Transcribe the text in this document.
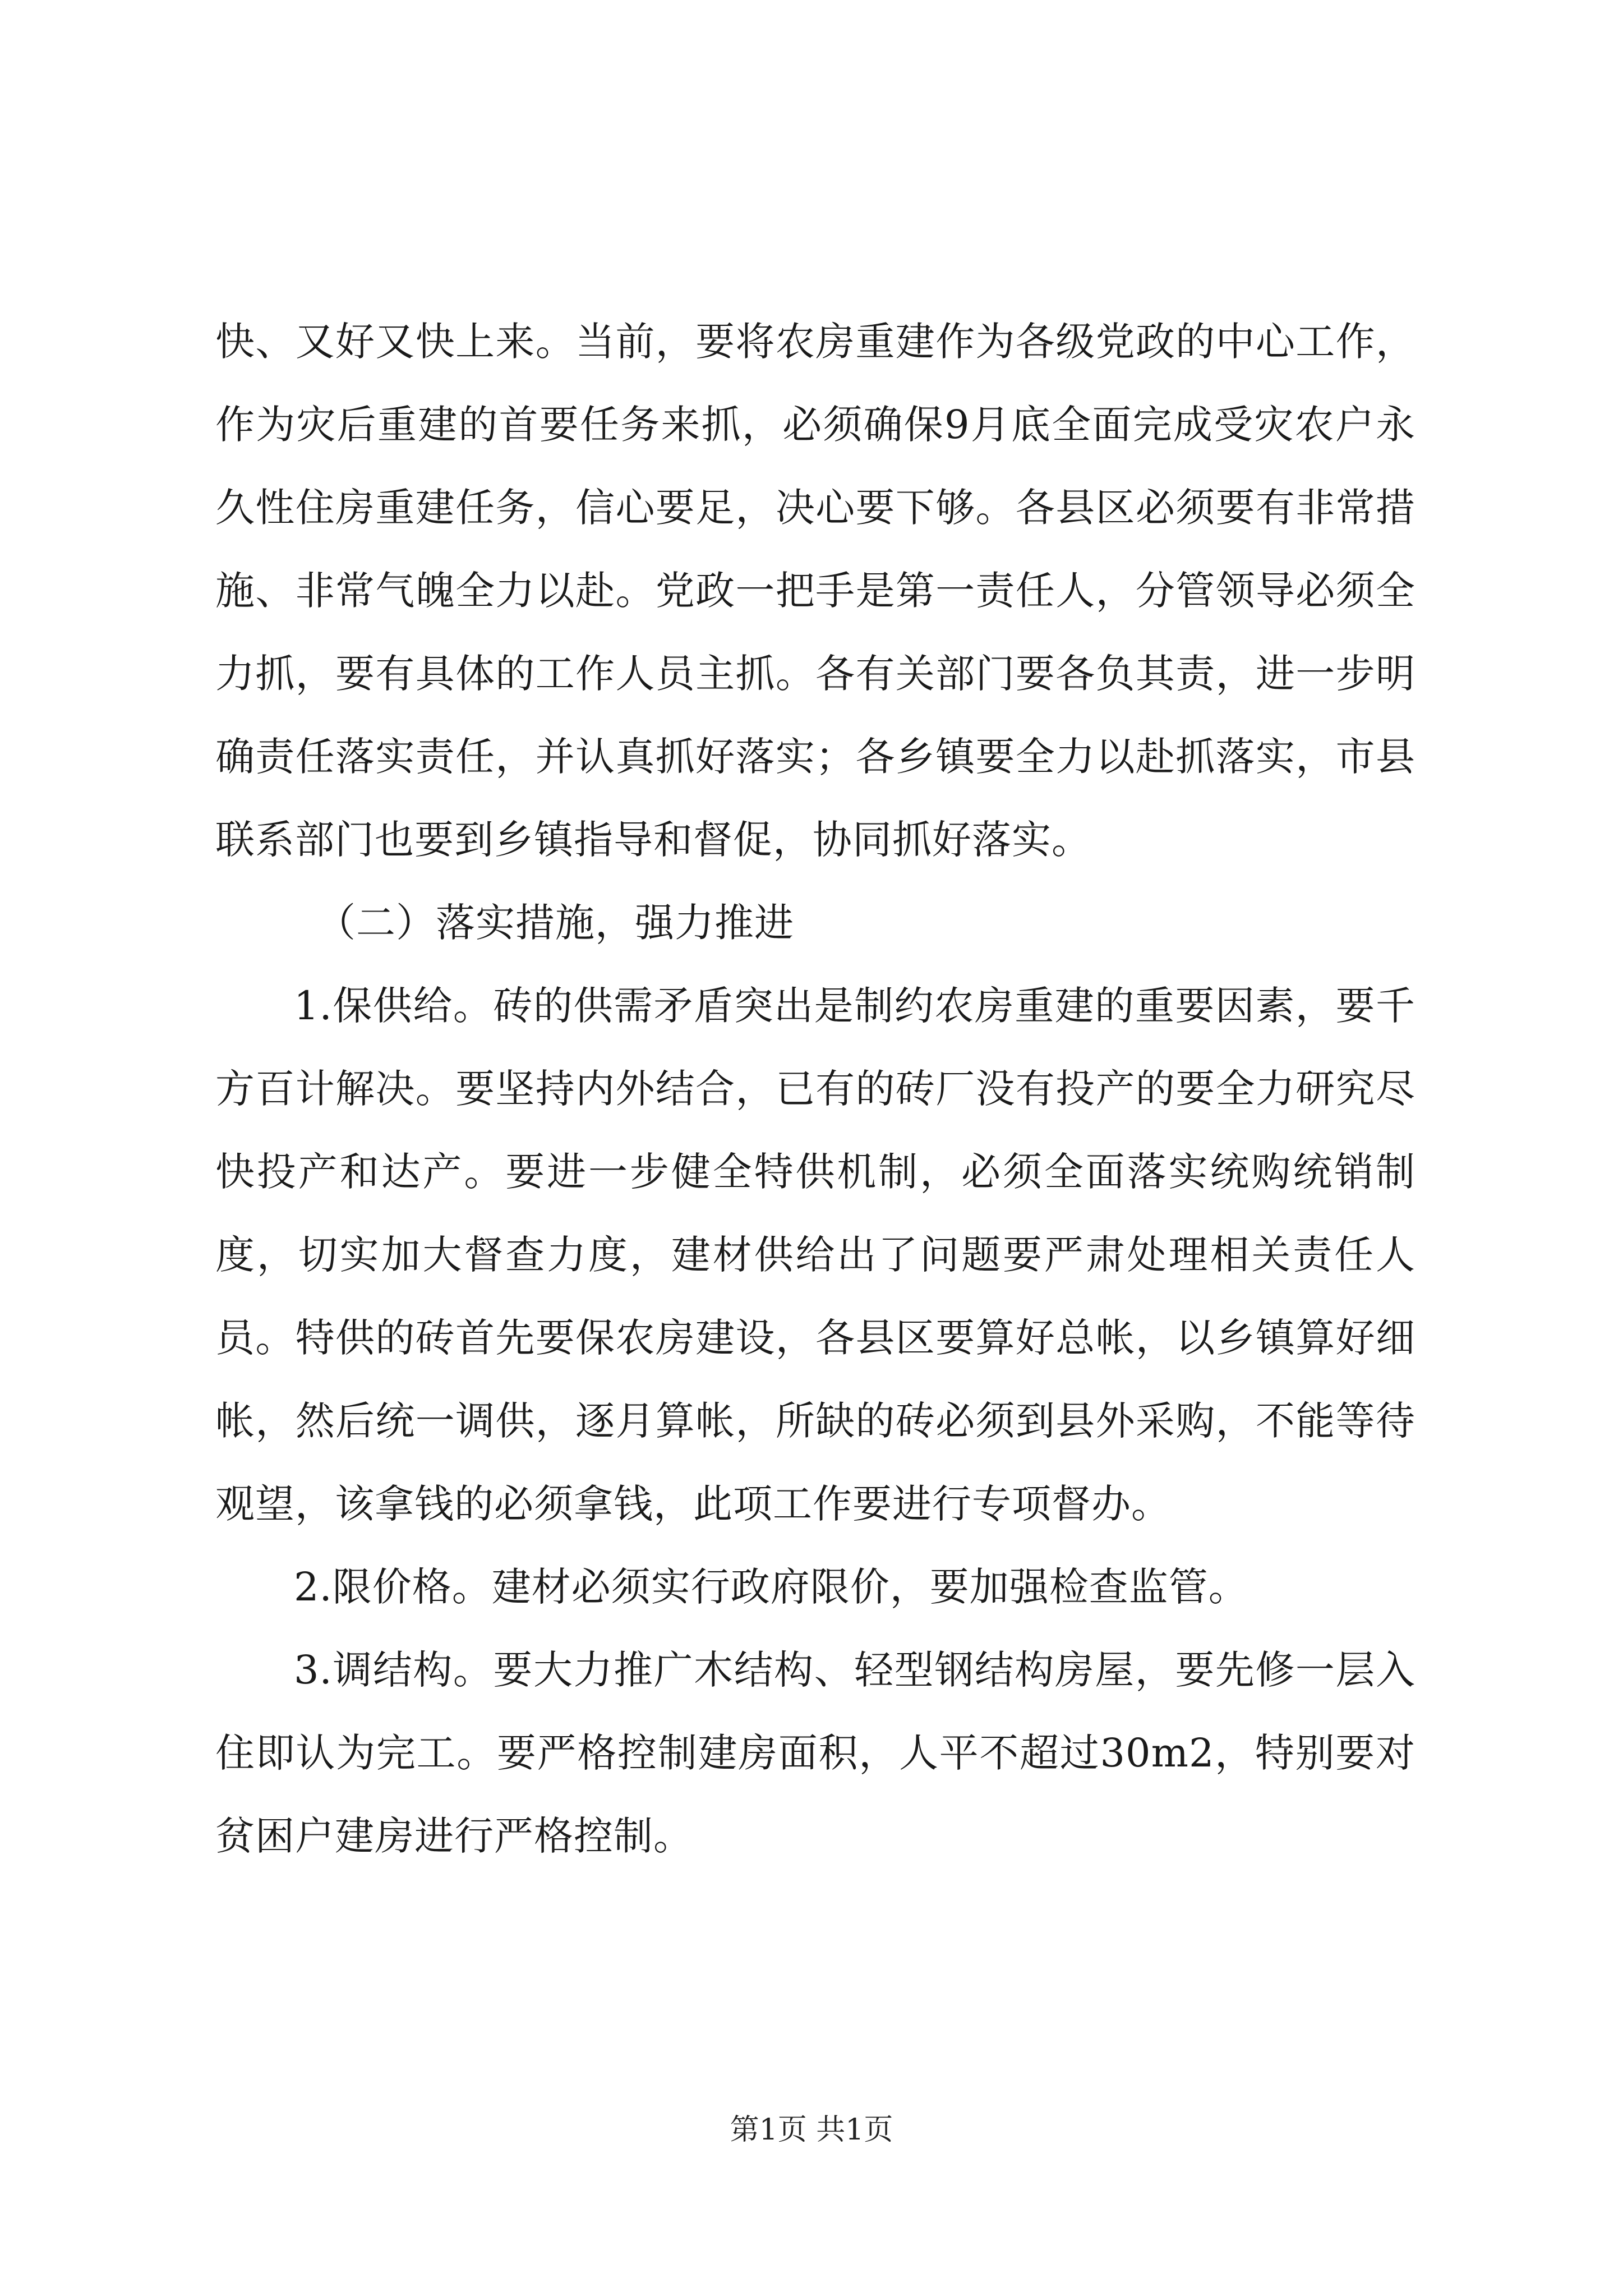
快、又好又快上来。当前，要将农房重建作为各级党政的中心工作，作为灾后重建的首要任务来抓，必须确保9月底全面完成受灾农户永久性住房重建任务，信心要足，决心要下够。各县区必须要有非常措施、非常气魄全力以赴。党政一把手是第一责任人，分管领导必须全力抓，要有具体的工作人员主抓。各有关部门要各负其责，进一步明确责任落实责任，并认真抓好落实；各乡镇要全力以赴抓落实，市县联系部门也要到乡镇指导和督促，协同抓好落实。

（二）落实措施，强力推进

1.保供给。砖的供需矛盾突出是制约农房重建的重要因素，要千方百计解决。要坚持内外结合，已有的砖厂没有投产的要全力研究尽快投产和达产。要进一步健全特供机制，必须全面落实统购统销制度，切实加大督查力度，建材供给出了问题要严肃处理相关责任人员。特供的砖首先要保农房建设，各县区要算好总帐，以乡镇算好细帐，然后统一调供，逐月算帐，所缺的砖必须到县外采购，不能等待观望，该拿钱的必须拿钱，此项工作要进行专项督办。

2.限价格。建材必须实行政府限价，要加强检查监管。

3.调结构。要大力推广木结构、轻型钢结构房屋，要先修一层入住即认为完工。要严格控制建房面积，人平不超过30m2，特别要对贫困户建房进行严格控制。

第1页 共1页
